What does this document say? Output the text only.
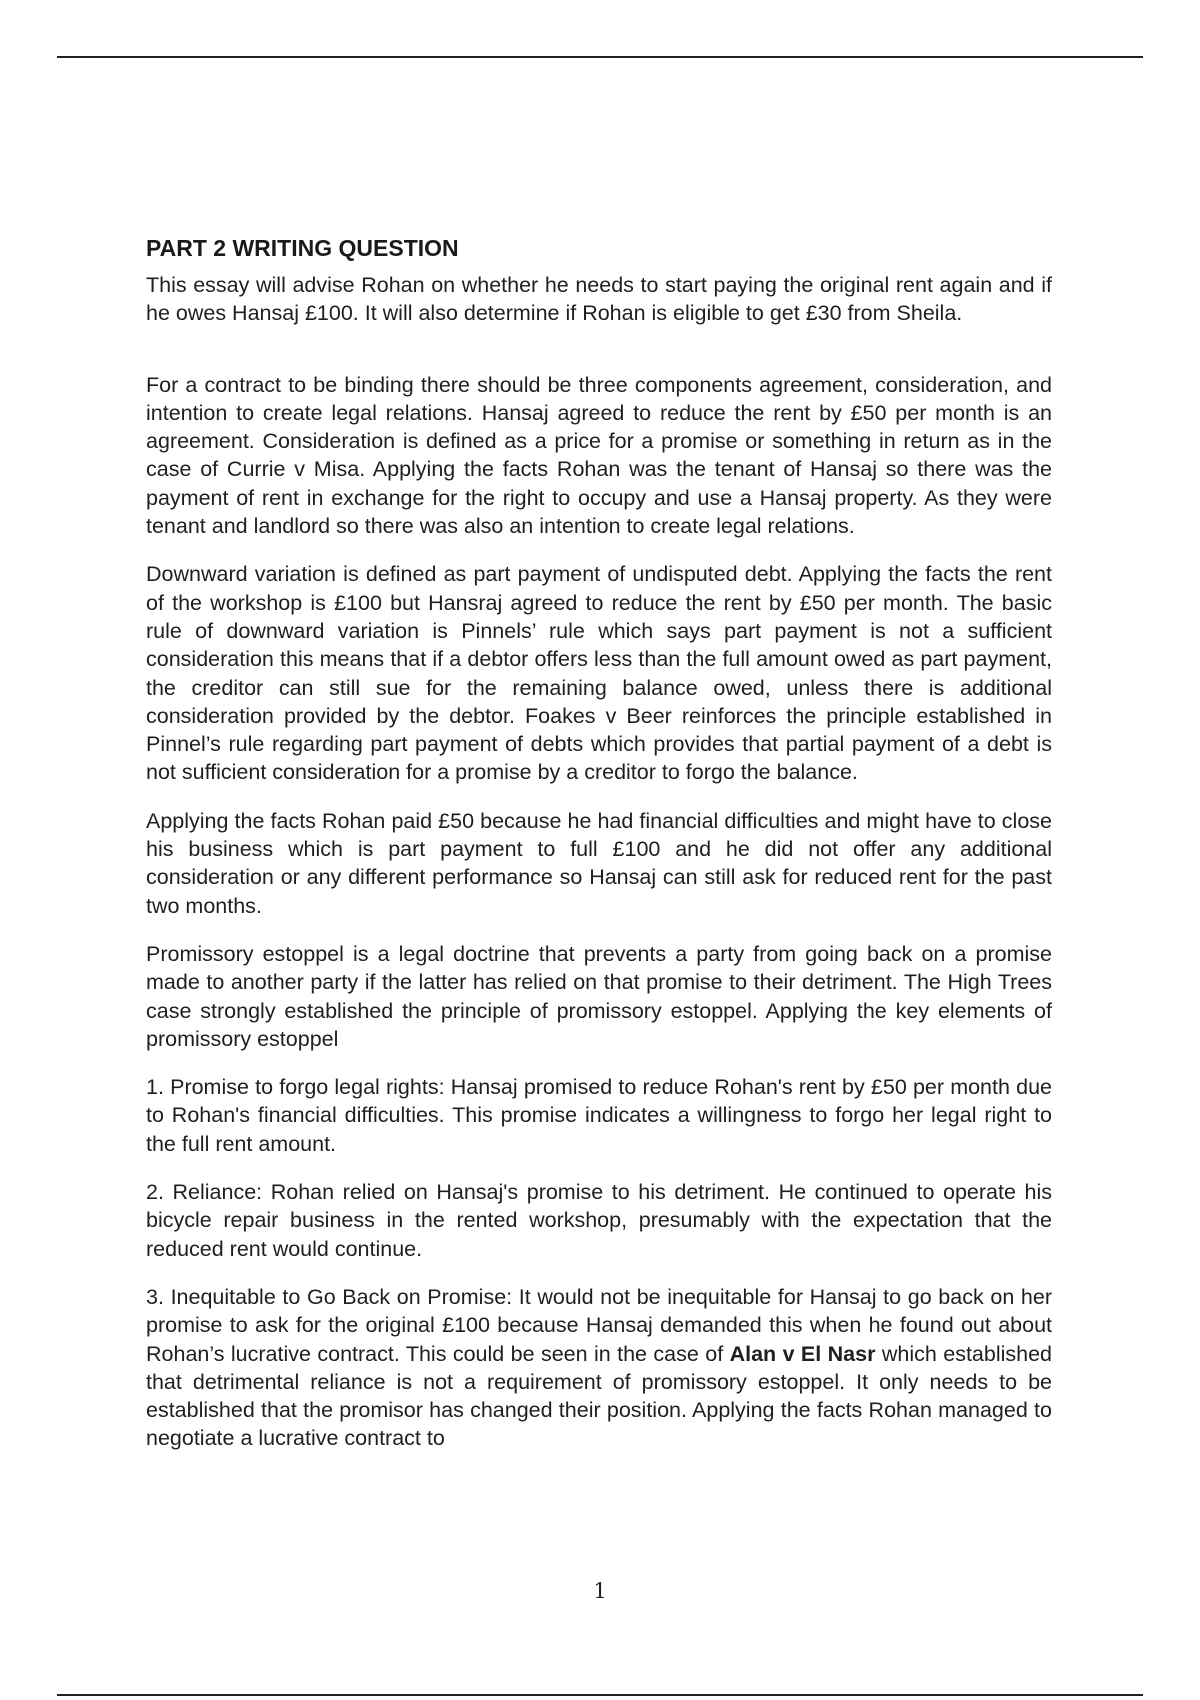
PART 2 WRITING QUESTION

This essay will advise Rohan on whether he needs to start paying the original rent again and if he owes Hansaj £100. It will also determine if Rohan is eligible to get £30 from Sheila.

For a contract to be binding there should be three components agreement, consideration, and intention to create legal relations. Hansaj agreed to reduce the rent by £50 per month is an agreement. Consideration is defined as a price for a promise or something in return as in the case of Currie v Misa. Applying the facts Rohan was the tenant of Hansaj so there was the payment of rent in exchange for the right to occupy and use a Hansaj property. As they were tenant and landlord so there was also an intention to create legal relations.

Downward variation is defined as part payment of undisputed debt. Applying the facts the rent of the workshop is £100 but Hansraj agreed to reduce the rent by £50 per month. The basic rule of downward variation is Pinnels’ rule which says part payment is not a sufficient consideration this means that if a debtor offers less than the full amount owed as part payment, the creditor can still sue for the remaining balance owed, unless there is additional consideration provided by the debtor. Foakes v Beer reinforces the principle established in Pinnel’s rule regarding part payment of debts which provides that partial payment of a debt is not sufficient consideration for a promise by a creditor to forgo the balance.

Applying the facts Rohan paid £50 because he had financial difficulties and might have to close his business which is part payment to full £100 and he did not offer any additional consideration or any different performance so Hansaj can still ask for reduced rent for the past two months.

Promissory estoppel is a legal doctrine that prevents a party from going back on a promise made to another party if the latter has relied on that promise to their detriment. The High Trees case strongly established the principle of promissory estoppel. Applying the key elements of promissory estoppel

1. Promise to forgo legal rights: Hansaj promised to reduce Rohan's rent by £50 per month due to Rohan's financial difficulties. This promise indicates a willingness to forgo her legal right to the full rent amount.

2. Reliance: Rohan relied on Hansaj's promise to his detriment. He continued to operate his bicycle repair business in the rented workshop, presumably with the expectation that the reduced rent would continue.

3. Inequitable to Go Back on Promise: It would not be inequitable for Hansaj to go back on her promise to ask for the original £100 because Hansaj demanded this when he found out about Rohan’s lucrative contract. This could be seen in the case of Alan v El Nasr which established that detrimental reliance is not a requirement of promissory estoppel. It only needs to be established that the promisor has changed their position. Applying the facts Rohan managed to negotiate a lucrative contract to

1
